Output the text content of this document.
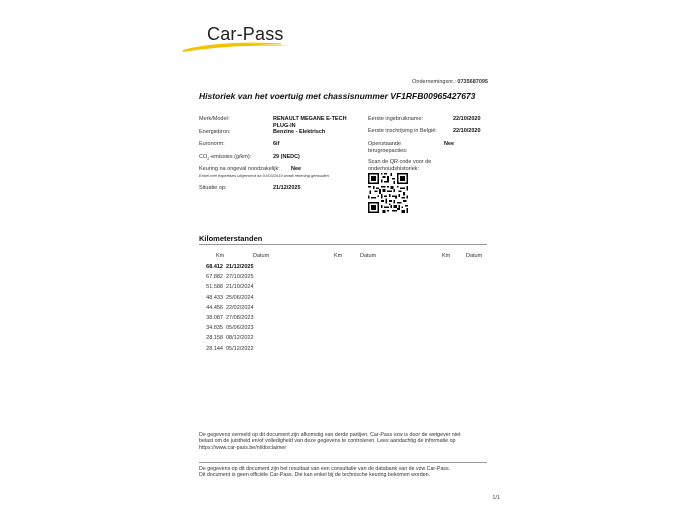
Car-Pass
Ondernemingsnr.: 0735687095
Historiek van het voertuig met chassisnummer VF1RFB00965427673
Merk/Model:	RENAULT MEGANE E-TECH PLUG-IN
Energiebron:	Benzine - Elektrisch
Euronorm:	6if
$CO_2$-emissies (g/km):	29 (NEDC)
Keuring na ongeval noodzakelijk: Nee
Enkel met expertises uitgevoerd na 01/03/2019 wordt rekening gehouden.
Situatie op:	21/12/2025
Eerste ingebruikname:	22/10/2020
Eerste inschrijving in België:	22/10/2020
Openstaande terugroepacties:
Nee
Scan de QR code voor de onderhoudshistoriek:
Kilometerstanden
Km	Datum	Km	Datum	Km	Datum
68.412 21/12/2025
67.882 27/10/2025
51.588 21/10/2024
48.433 25/06/2024
44.456 22/02/2024
38.087 27/08/2023
34.835 05/06/2023
28.158 08/12/2022
28.144 05/12/2022
De gegevens vermeld op dit document zijn afkomstig van derde partijen. Car-Pass vzw is door de wetgever niet
belast om de juistheid en/of volledigheid van deze gegevens te controleren. Lees aandachtig de informatie op
https://www.car-pass.be/nl/disclaimer
De gegevens op dit document zijn het resultaat van een consultatie van de databank van de vzw Car-Pass.
Dit document is geen officiële Car-Pass. Die kan enkel bij de technische keuring bekomen worden.
1/1
